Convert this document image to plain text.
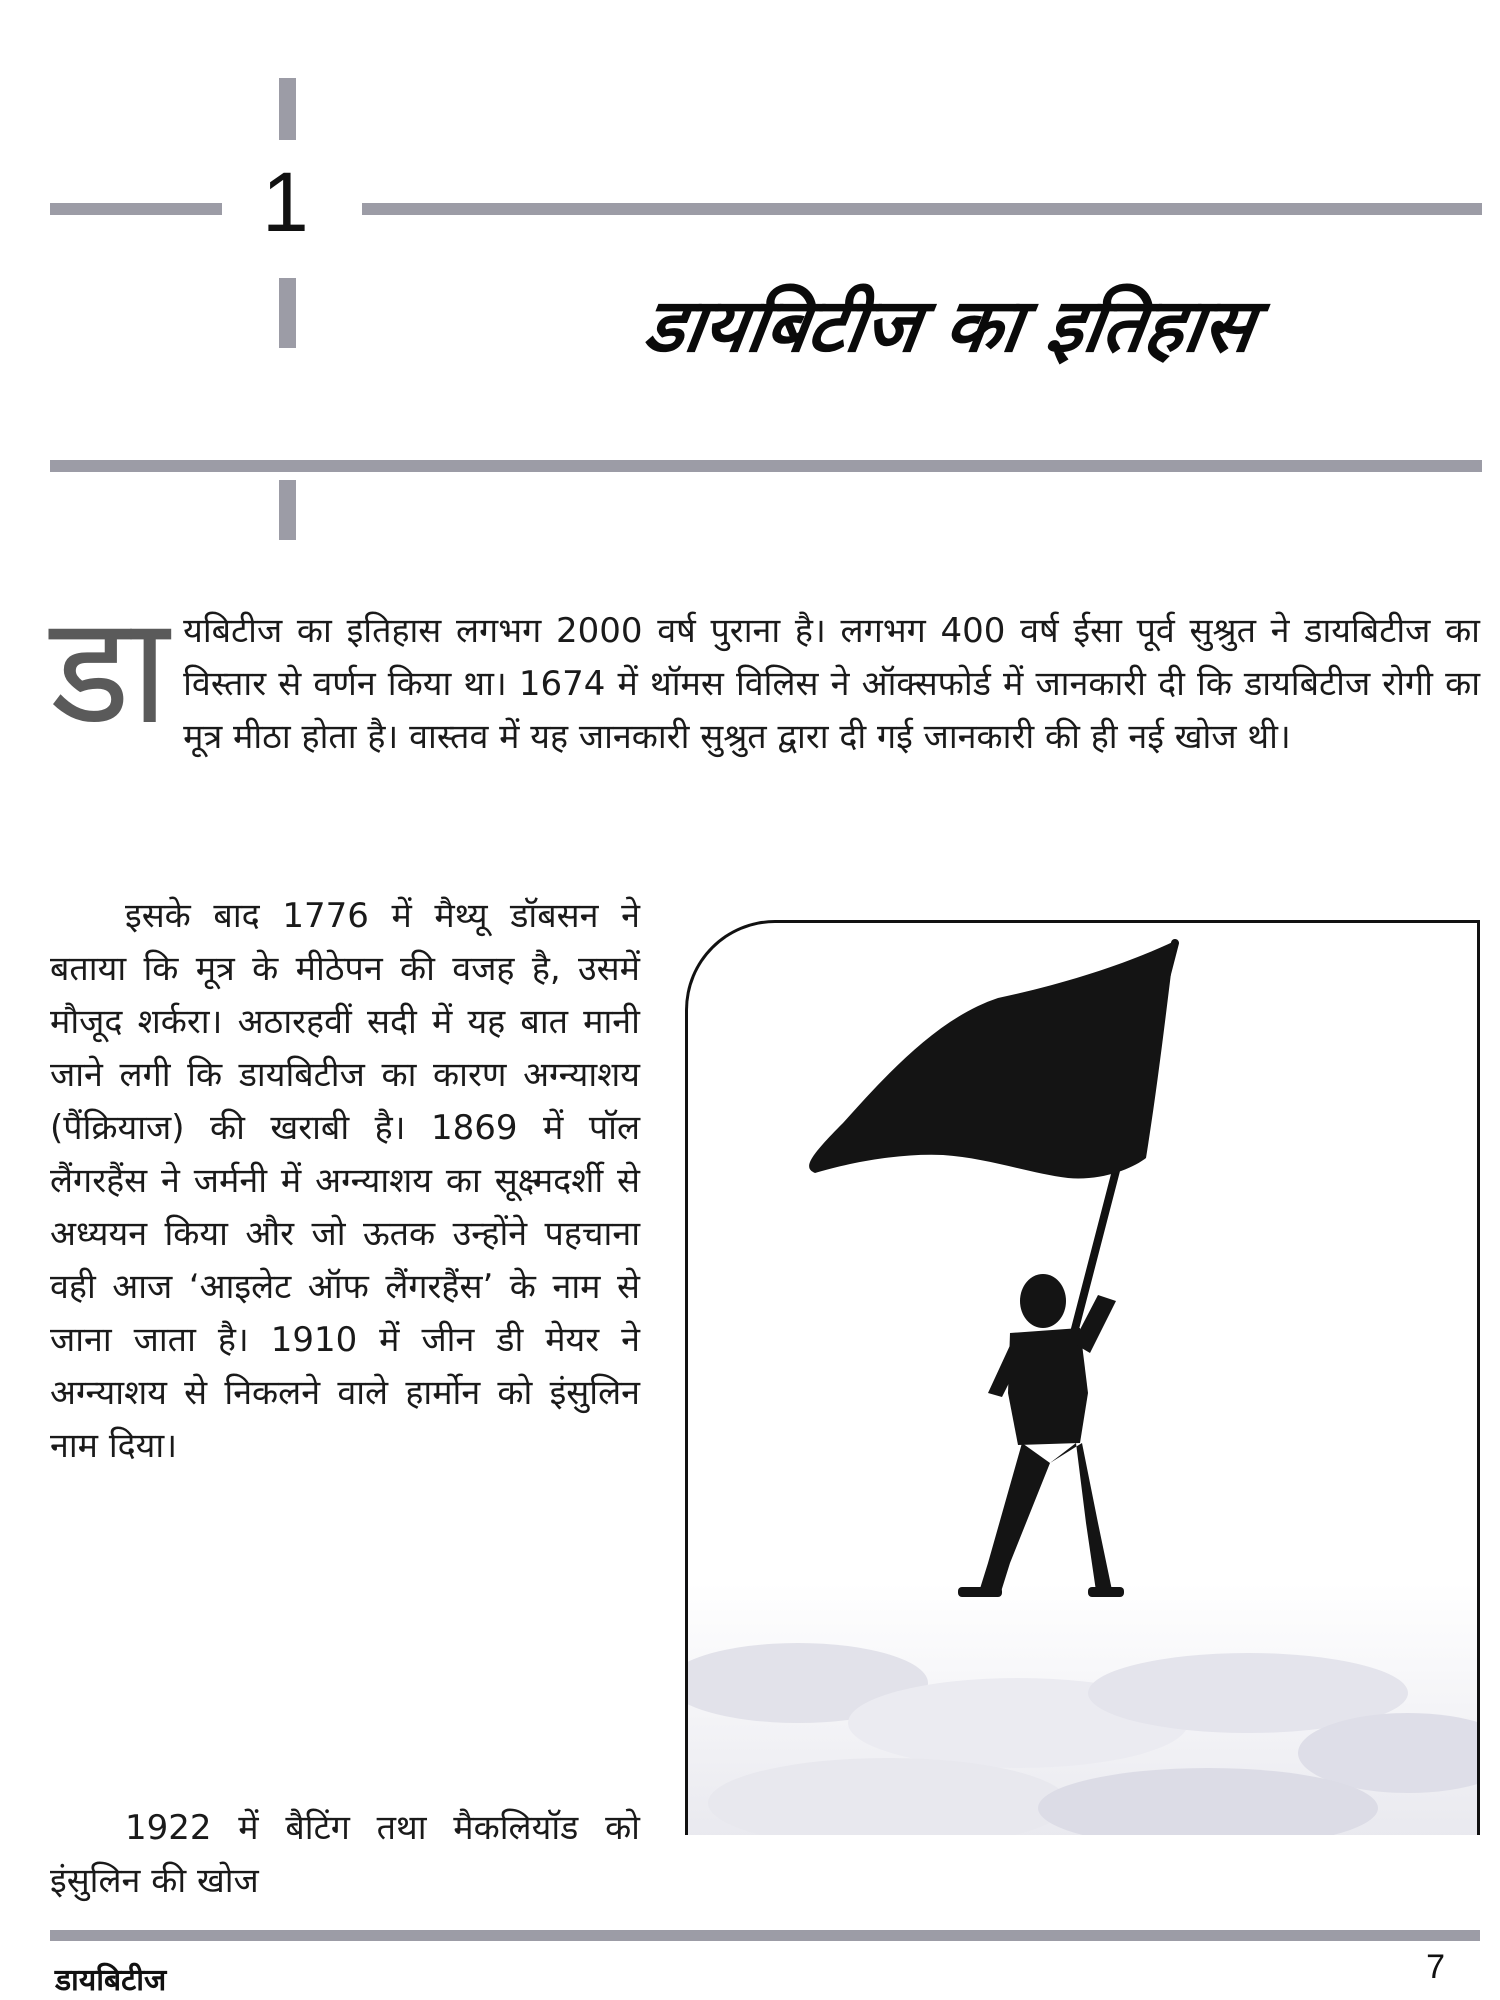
1
डायबिटीज का इतिहास

डायबिटीज का इतिहास लगभग 2000 वर्ष पुराना है। लगभग 400 वर्ष ईसा पूर्व सुश्रुत ने डायबिटीज का विस्तार से वर्णन किया था। 1674 में थॉमस विलिस ने ऑक्सफोर्ड में जानकारी दी कि डायबिटीज रोगी का मूत्र मीठा होता है। वास्तव में यह जानकारी सुश्रुत द्वारा दी गई जानकारी की ही नई खोज थी।

इसके बाद 1776 में मैथ्यू डॉबसन ने बताया कि मूत्र के मीठेपन की वजह है, उसमें मौजूद शर्करा। अठारहवीं सदी में यह बात मानी जाने लगी कि डायबिटीज का कारण अग्न्याशय (पैंक्रियाज) की खराबी है। 1869 में पॉल लैंगरहैंस ने जर्मनी में अग्न्याशय का सूक्ष्मदर्शी से अध्ययन किया और जो ऊतक उन्होंने पहचाना वही आज ‘आइलेट ऑफ लैंगरहैंस’ के नाम से जाना जाता है। 1910 में जीन डी मेयर ने अग्न्याशय से निकलने वाले हार्मोन को इंसुलिन नाम दिया।

1922 में बैटिंग तथा मैकलियॉड को इंसुलिन की खोज

डायबिटीज	7
